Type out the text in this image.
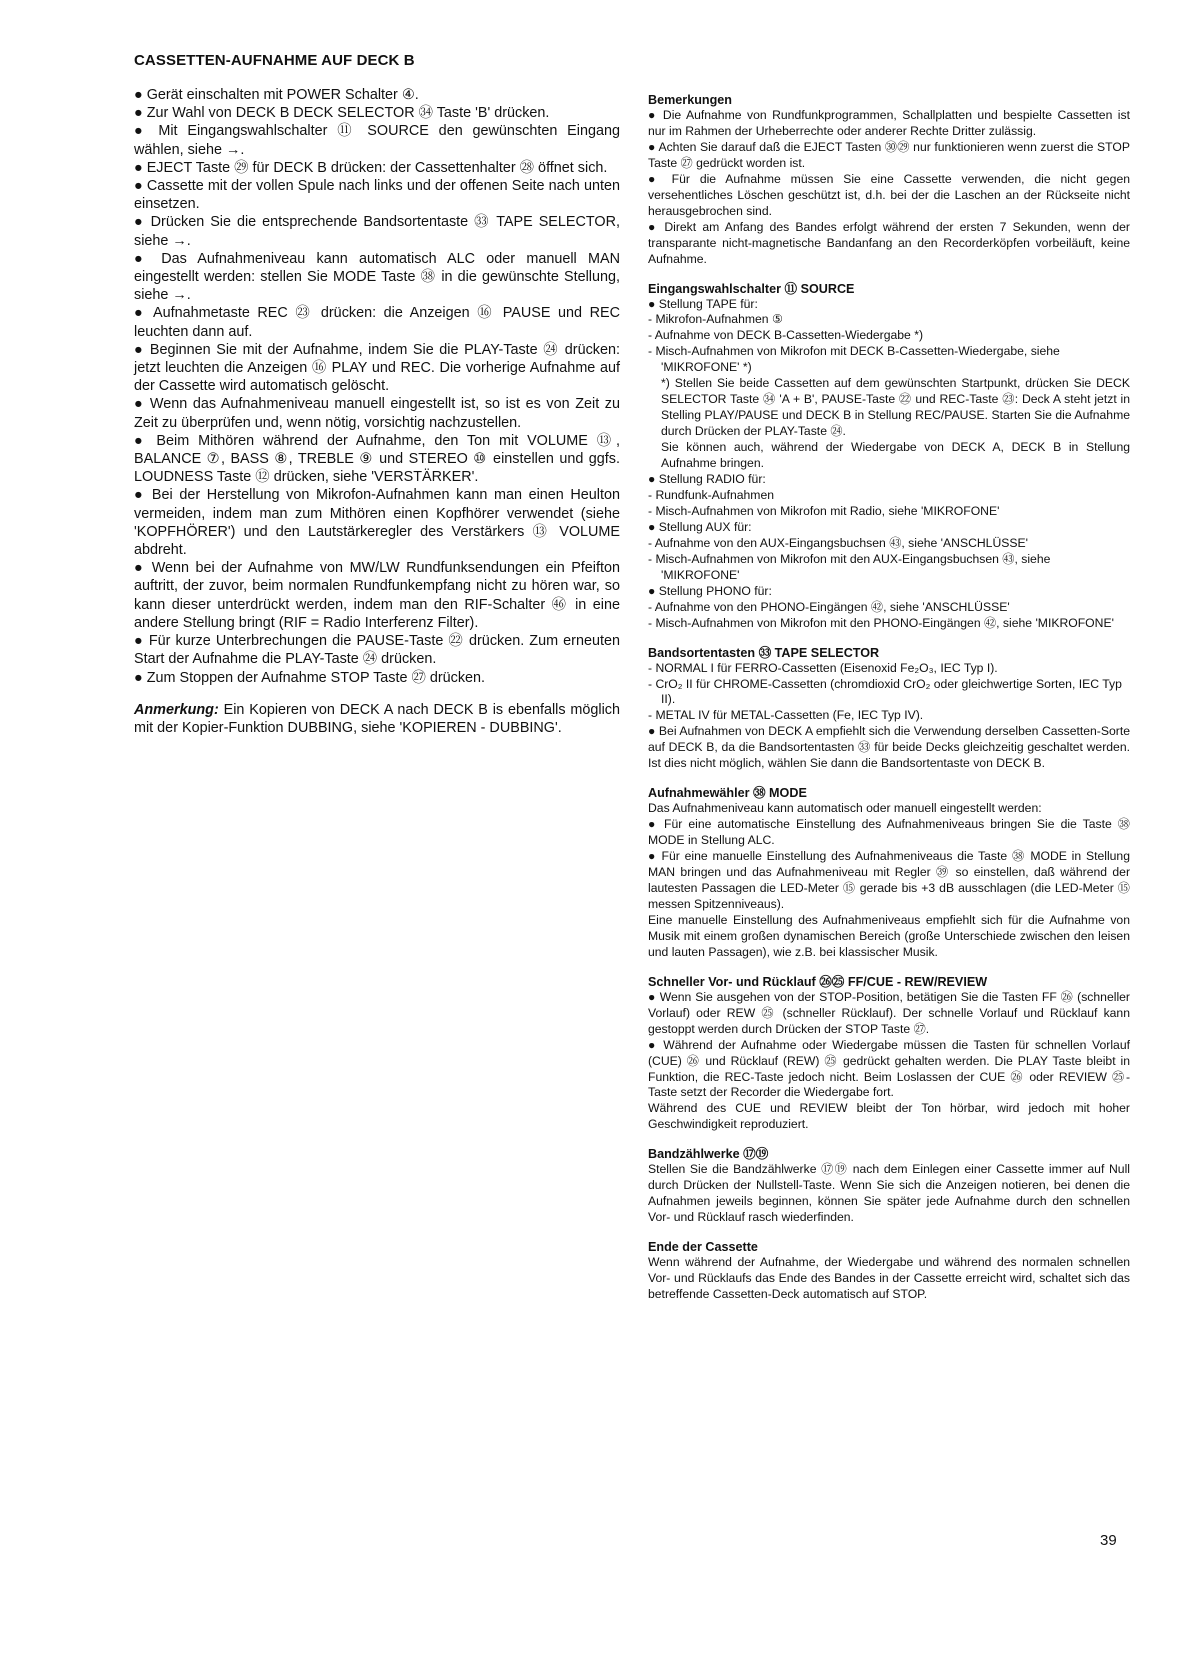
CASSETTEN-AUFNAHME AUF DECK B

● Gerät einschalten mit POWER Schalter ④.

● Zur Wahl von DECK B DECK SELECTOR ㉞ Taste 'B' drücken.

● Mit Eingangswahlschalter ⑪ SOURCE den gewünschten Eingang wählen, siehe →.

● EJECT Taste ㉙ für DECK B drücken: der Cassettenhalter ㉘ öffnet sich.

● Cassette mit der vollen Spule nach links und der offenen Seite nach unten einsetzen.

● Drücken Sie die entsprechende Bandsortentaste ㉝ TAPE SELECTOR, siehe →.

● Das Aufnahmeniveau kann automatisch ALC oder manuell MAN eingestellt werden: stellen Sie MODE Taste ㊳ in die gewünschte Stellung, siehe →.

● Aufnahmetaste REC ㉓ drücken: die Anzeigen ⑯ PAUSE und REC leuchten dann auf.

● Beginnen Sie mit der Aufnahme, indem Sie die PLAY-Taste ㉔ drücken: jetzt leuchten die Anzeigen ⑯ PLAY und REC. Die vorherige Aufnahme auf der Cassette wird automatisch gelöscht.

● Wenn das Aufnahmeniveau manuell eingestellt ist, so ist es von Zeit zu Zeit zu überprüfen und, wenn nötig, vorsichtig nachzustellen.

● Beim Mithören während der Aufnahme, den Ton mit VOLUME ⑬, BALANCE ⑦, BASS ⑧, TREBLE ⑨ und STEREO ⑩ einstellen und ggfs. LOUDNESS Taste ⑫ drücken, siehe 'VERSTÄRKER'.

● Bei der Herstellung von Mikrofon-Aufnahmen kann man einen Heulton vermeiden, indem man zum Mithören einen Kopfhörer verwendet (siehe 'KOPFHÖRER') und den Lautstärkeregler des Verstärkers ⑬ VOLUME abdreht.

● Wenn bei der Aufnahme von MW/LW Rundfunksendungen ein Pfeifton auftritt, der zuvor, beim normalen Rundfunkempfang nicht zu hören war, so kann dieser unterdrückt werden, indem man den RIF-Schalter ㊻ in eine andere Stellung bringt (RIF = Radio Interferenz Filter).

● Für kurze Unterbrechungen die PAUSE-Taste ㉒ drücken. Zum erneuten Start der Aufnahme die PLAY-Taste ㉔ drücken.

● Zum Stoppen der Aufnahme STOP Taste ㉗ drücken.

Anmerkung: Ein Kopieren von DECK A nach DECK B is ebenfalls möglich mit der Kopier-Funktion DUBBING, siehe 'KOPIEREN - DUBBING'.

Bemerkungen

● Die Aufnahme von Rundfunkprogrammen, Schallplatten und bespielte Cassetten ist nur im Rahmen der Urheberrechte oder anderer Rechte Dritter zulässig.

● Achten Sie darauf daß die EJECT Tasten ㉚㉙ nur funktionieren wenn zuerst die STOP Taste ㉗ gedrückt worden ist.

● Für die Aufnahme müssen Sie eine Cassette verwenden, die nicht gegen versehentliches Löschen geschützt ist, d.h. bei der die Laschen an der Rückseite nicht herausgebrochen sind.

● Direkt am Anfang des Bandes erfolgt während der ersten 7 Sekunden, wenn der transparante nicht-magnetische Bandanfang an den Recorderköpfen vorbeiläuft, keine Aufnahme.

Eingangswahlschalter ⑪ SOURCE

● Stellung TAPE für:

- Mikrofon-Aufnahmen ⑤

- Aufnahme von DECK B-Cassetten-Wiedergabe *)

- Misch-Aufnahmen von Mikrofon mit DECK B-Cassetten-Wiedergabe, siehe 'MIKROFONE' *)

*) Stellen Sie beide Cassetten auf dem gewünschten Startpunkt, drücken Sie DECK SELECTOR Taste ㉞ 'A + B', PAUSE-Taste ㉒ und REC-Taste ㉓: Deck A steht jetzt in Stelling PLAY/PAUSE und DECK B in Stellung REC/PAUSE. Starten Sie die Aufnahme durch Drücken der PLAY-Taste ㉔.

Sie können auch, während der Wiedergabe von DECK A, DECK B in Stellung Aufnahme bringen.

● Stellung RADIO für:

- Rundfunk-Aufnahmen

- Misch-Aufnahmen von Mikrofon mit Radio, siehe 'MIKROFONE'

● Stellung AUX für:

- Aufnahme von den AUX-Eingangsbuchsen ㊸, siehe 'ANSCHLÜSSE'

- Misch-Aufnahmen von Mikrofon mit den AUX-Eingangsbuchsen ㊸, siehe 'MIKROFONE'

● Stellung PHONO für:

- Aufnahme von den PHONO-Eingängen ㊷, siehe 'ANSCHLÜSSE'

- Misch-Aufnahmen von Mikrofon mit den PHONO-Eingängen ㊷, siehe 'MIKROFONE'

Bandsortentasten ㉝ TAPE SELECTOR

- NORMAL I für FERRO-Cassetten (Eisenoxid Fe₂O₃, IEC Typ I).

- CrO₂ II für CHROME-Cassetten (chromdioxid CrO₂ oder gleichwertige Sorten, IEC Typ II).

- METAL IV für METAL-Cassetten (Fe, IEC Typ IV).

● Bei Aufnahmen von DECK A empfiehlt sich die Verwendung derselben Cassetten-Sorte auf DECK B, da die Bandsortentasten ㉝ für beide Decks gleichzeitig geschaltet werden. Ist dies nicht möglich, wählen Sie dann die Bandsortentaste von DECK B.

Aufnahmewähler ㊳ MODE

Das Aufnahmeniveau kann automatisch oder manuell eingestellt werden:

● Für eine automatische Einstellung des Aufnahmeniveaus bringen Sie die Taste ㊳ MODE in Stellung ALC.

● Für eine manuelle Einstellung des Aufnahmeniveaus die Taste ㊳ MODE in Stellung MAN bringen und das Aufnahmeniveau mit Regler ㊴ so einstellen, daß während der lautesten Passagen die LED-Meter ⑮ gerade bis +3 dB ausschlagen (die LED-Meter ⑮ messen Spitzenniveaus).

Eine manuelle Einstellung des Aufnahmeniveaus empfiehlt sich für die Aufnahme von Musik mit einem großen dynamischen Bereich (große Unterschiede zwischen den leisen und lauten Passagen), wie z.B. bei klassischer Musik.

Schneller Vor- und Rücklauf ㉖㉕ FF/CUE - REW/REVIEW

● Wenn Sie ausgehen von der STOP-Position, betätigen Sie die Tasten FF ㉖ (schneller Vorlauf) oder REW ㉕ (schneller Rücklauf). Der schnelle Vorlauf und Rücklauf kann gestoppt werden durch Drücken der STOP Taste ㉗.

● Während der Aufnahme oder Wiedergabe müssen die Tasten für schnellen Vorlauf (CUE) ㉖ und Rücklauf (REW) ㉕ gedrückt gehalten werden. Die PLAY Taste bleibt in Funktion, die REC-Taste jedoch nicht. Beim Loslassen der CUE ㉖ oder REVIEW ㉕-Taste setzt der Recorder die Wiedergabe fort.

Während des CUE und REVIEW bleibt der Ton hörbar, wird jedoch mit hoher Geschwindigkeit reproduziert.

Bandzählwerke ⑰⑲

Stellen Sie die Bandzählwerke ⑰⑲ nach dem Einlegen einer Cassette immer auf Null durch Drücken der Nullstell-Taste. Wenn Sie sich die Anzeigen notieren, bei denen die Aufnahmen jeweils beginnen, können Sie später jede Aufnahme durch den schnellen Vor- und Rücklauf rasch wiederfinden.

Ende der Cassette

Wenn während der Aufnahme, der Wiedergabe und während des normalen schnellen Vor- und Rücklaufs das Ende des Bandes in der Cassette erreicht wird, schaltet sich das betreffende Cassetten-Deck automatisch auf STOP.

39
